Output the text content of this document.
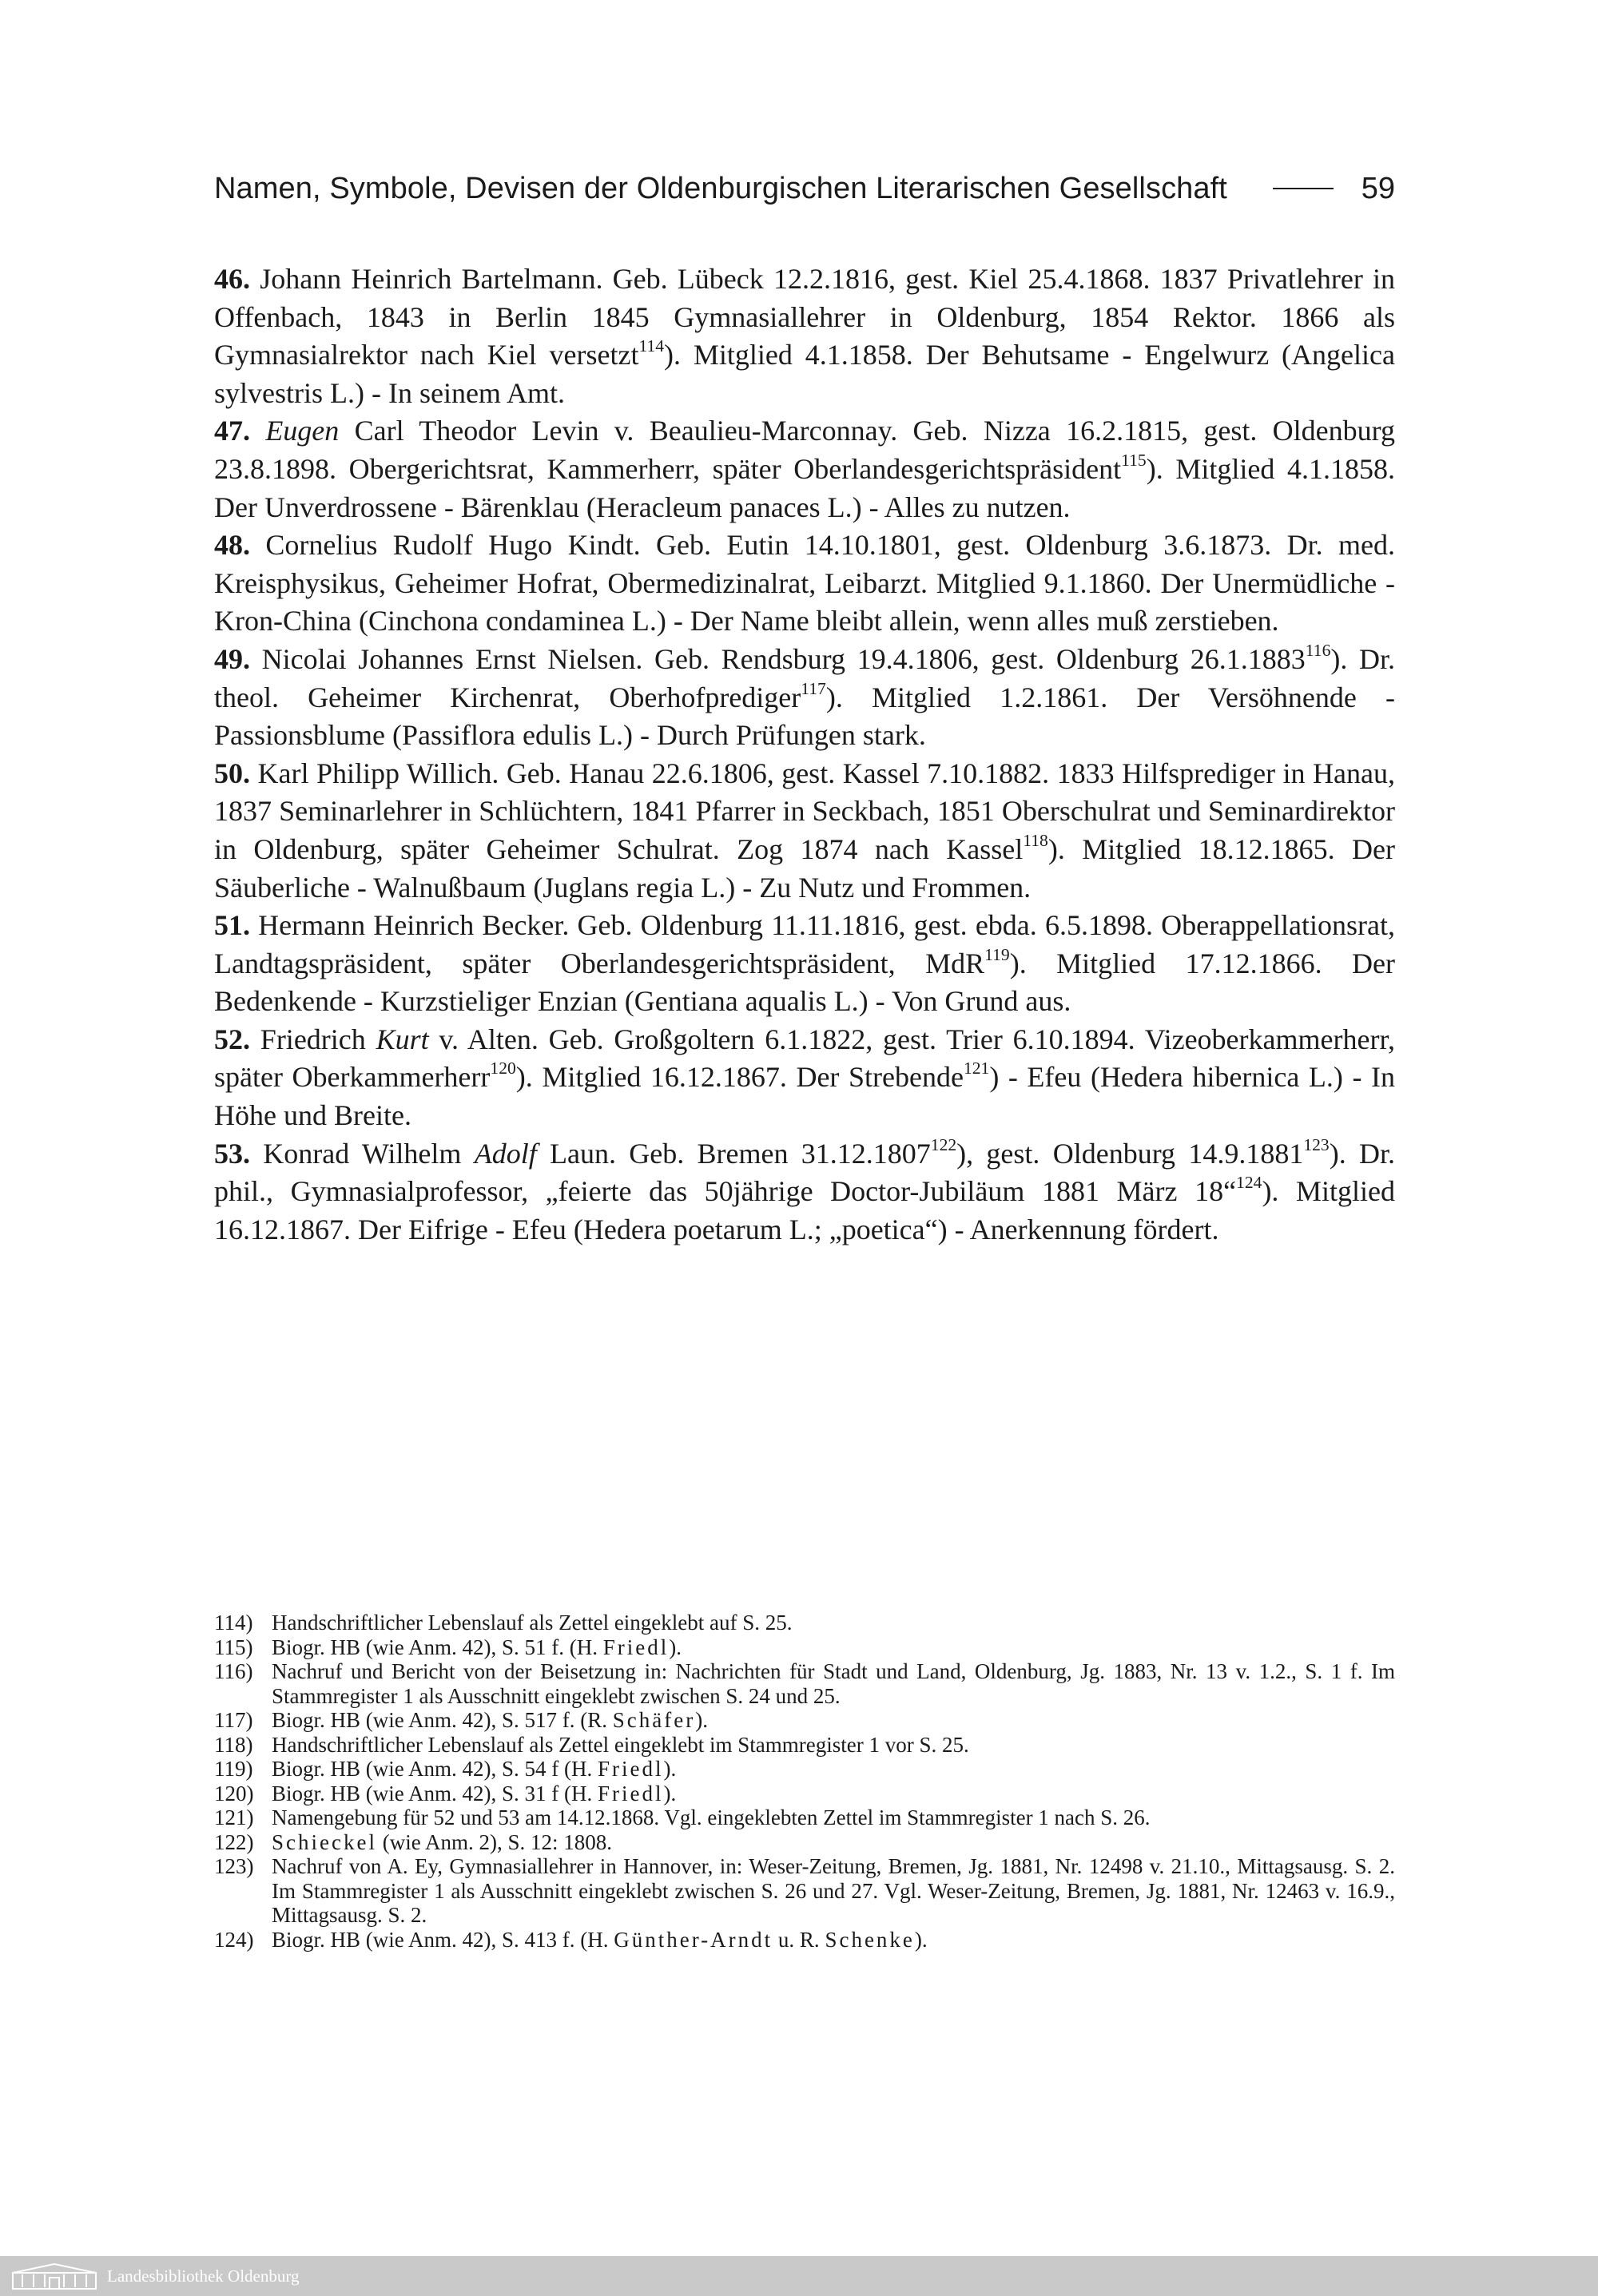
Namen, Symbole, Devisen der Oldenburgischen Literarischen Gesellschaft	59

46. Johann Heinrich Bartelmann. Geb. Lübeck 12.2.1816, gest. Kiel 25.4.1868. 1837 Privatlehrer in Offenbach, 1843 in Berlin 1845 Gymnasiallehrer in Oldenburg, 1854 Rektor. 1866 als Gymnasialrektor nach Kiel versetzt$^{114}$). Mitglied 4.1.1858. Der Behutsame - Engelwurz (Angelica sylvestris L.) - In seinem Amt.

47. Eugen Carl Theodor Levin v. Beaulieu-Marconnay. Geb. Nizza 16.2.1815, gest. Oldenburg 23.8.1898. Obergerichtsrat, Kammerherr, später Oberlandesgerichtspräsident$^{115}$). Mitglied 4.1.1858. Der Unverdrossene - Bärenklau (Heracleum panaces L.) - Alles zu nutzen.

48. Cornelius Rudolf Hugo Kindt. Geb. Eutin 14.10.1801, gest. Oldenburg 3.6.1873. Dr. med. Kreisphysikus, Geheimer Hofrat, Obermedizinalrat, Leibarzt. Mitglied 9.1.1860. Der Unermüdliche - Kron-China (Cinchona condaminea L.) - Der Name bleibt allein, wenn alles muß zerstieben.

49. Nicolai Johannes Ernst Nielsen. Geb. Rendsburg 19.4.1806, gest. Oldenburg 26.1.1883$^{116}$). Dr. theol. Geheimer Kirchenrat, Oberhofprediger$^{117}$). Mitglied 1.2.1861. Der Versöhnende - Passionsblume (Passiflora edulis L.) - Durch Prüfungen stark.

50. Karl Philipp Willich. Geb. Hanau 22.6.1806, gest. Kassel 7.10.1882. 1833 Hilfsprediger in Hanau, 1837 Seminarlehrer in Schlüchtern, 1841 Pfarrer in Seckbach, 1851 Oberschulrat und Seminardirektor in Oldenburg, später Geheimer Schulrat. Zog 1874 nach Kassel$^{118}$). Mitglied 18.12.1865. Der Säuberliche - Walnußbaum (Juglans regia L.) - Zu Nutz und Frommen.

51. Hermann Heinrich Becker. Geb. Oldenburg 11.11.1816, gest. ebda. 6.5.1898. Oberappellationsrat, Landtagspräsident, später Oberlandesgerichtspräsident, MdR$^{119}$). Mitglied 17.12.1866. Der Bedenkende - Kurzstieliger Enzian (Gentiana aqualis L.) - Von Grund aus.

52. Friedrich Kurt v. Alten. Geb. Großgoltern 6.1.1822, gest. Trier 6.10.1894. Vizeoberkammerherr, später Oberkammerherr$^{120}$). Mitglied 16.12.1867. Der Strebende$^{121}$) - Efeu (Hedera hibernica L.) - In Höhe und Breite.

53. Konrad Wilhelm Adolf Laun. Geb. Bremen 31.12.1807$^{122}$), gest. Oldenburg 14.9.1881$^{123}$). Dr. phil., Gymnasialprofessor, „feierte das 50jährige Doctor-Jubiläum 1881 März 18“$^{124}$). Mitglied 16.12.1867. Der Eifrige - Efeu (Hedera poetarum L.; „poetica“) - Anerkennung fördert.

114) Handschriftlicher Lebenslauf als Zettel eingeklebt auf S. 25.
115) Biogr. HB (wie Anm. 42), S. 51 f. (H. Friedl).
116) Nachruf und Bericht von der Beisetzung in: Nachrichten für Stadt und Land, Oldenburg, Jg. 1883, Nr. 13 v. 1.2., S. 1 f. Im Stammregister 1 als Ausschnitt eingeklebt zwischen S. 24 und 25.
117) Biogr. HB (wie Anm. 42), S. 517 f. (R. Schäfer).
118) Handschriftlicher Lebenslauf als Zettel eingeklebt im Stammregister 1 vor S. 25.
119) Biogr. HB (wie Anm. 42), S. 54 f (H. Friedl).
120) Biogr. HB (wie Anm. 42), S. 31 f (H. Friedl).
121) Namengebung für 52 und 53 am 14.12.1868. Vgl. eingeklebten Zettel im Stammregister 1 nach S. 26.
122) Schieckel (wie Anm. 2), S. 12: 1808.
123) Nachruf von A. Ey, Gymnasiallehrer in Hannover, in: Weser-Zeitung, Bremen, Jg. 1881, Nr. 12498 v. 21.10., Mittagsausg. S. 2. Im Stammregister 1 als Ausschnitt eingeklebt zwischen S. 26 und 27. Vgl. Weser-Zeitung, Bremen, Jg. 1881, Nr. 12463 v. 16.9., Mittagsausg. S. 2.
124) Biogr. HB (wie Anm. 42), S. 413 f. (H. Günther-Arndt u. R. Schenke).
Landesbibliothek Oldenburg
